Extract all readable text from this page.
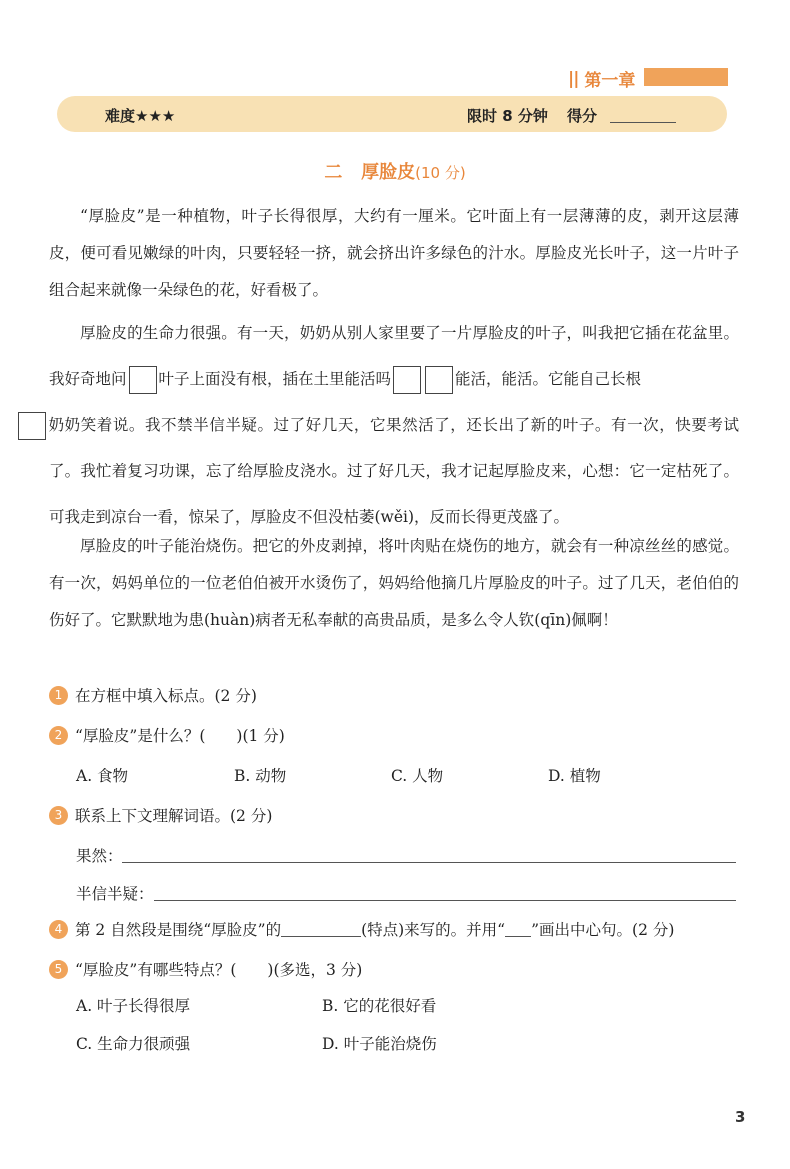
|| 第一章
难度★★★	限时 8 分钟 得分
二 厚脸皮(10 分)

“厚脸皮”是一种植物，叶子长得很厚，大约有一厘米。它叶面上有一层薄薄的皮，剥开这层薄皮，便可看见嫩绿的叶肉，只要轻轻一挤，就会挤出许多绿色的汁水。厚脸皮光长叶子，这一片叶子组合起来就像一朵绿色的花，好看极了。

厚脸皮的生命力很强。有一天，奶奶从别人家里要了一片厚脸皮的叶子，叫我把它插在花盆里。我好奇地问 叶子上面没有根，插在土里能活吗	能活，能活。它能自己长根
奶奶笑着说。我不禁半信半疑。过了好几天，它果然活了，还长出了新的叶子。有一次，快要考试了。我忙着复习功课，忘了给厚脸皮浇水。过了好几天，我才记起厚脸皮来，心想：它一定枯死了。可我走到凉台一看，惊呆了，厚脸皮不但没枯萎(wěi)，反而长得更茂盛了。

厚脸皮的叶子能治烧伤。把它的外皮剥掉，将叶肉贴在烧伤的地方，就会有一种凉丝丝的感觉。有一次，妈妈单位的一位老伯伯被开水烫伤了，妈妈给他摘几片厚脸皮的叶子。过了几天，老伯伯的伤好了。它默默地为患(huàn)病者无私奉献的高贵品质，是多么令人钦(qīn)佩啊！

1 在方框中填入标点。(2 分)
2 “厚脸皮”是什么？(　　)(1 分)
A. 食物	B. 动物	C. 人物	D. 植物
3 联系上下文理解词语。(2 分)
果然：
半信半疑：
4 第 2 自然段是围绕“厚脸皮”的	(特点)来写的。并用“ ”画出中心句。(2 分)
5 “厚脸皮”有哪些特点？(　　)(多选，3 分)
A. 叶子长得很厚	B. 它的花很好看
C. 生命力很顽强	D. 叶子能治烧伤
3
